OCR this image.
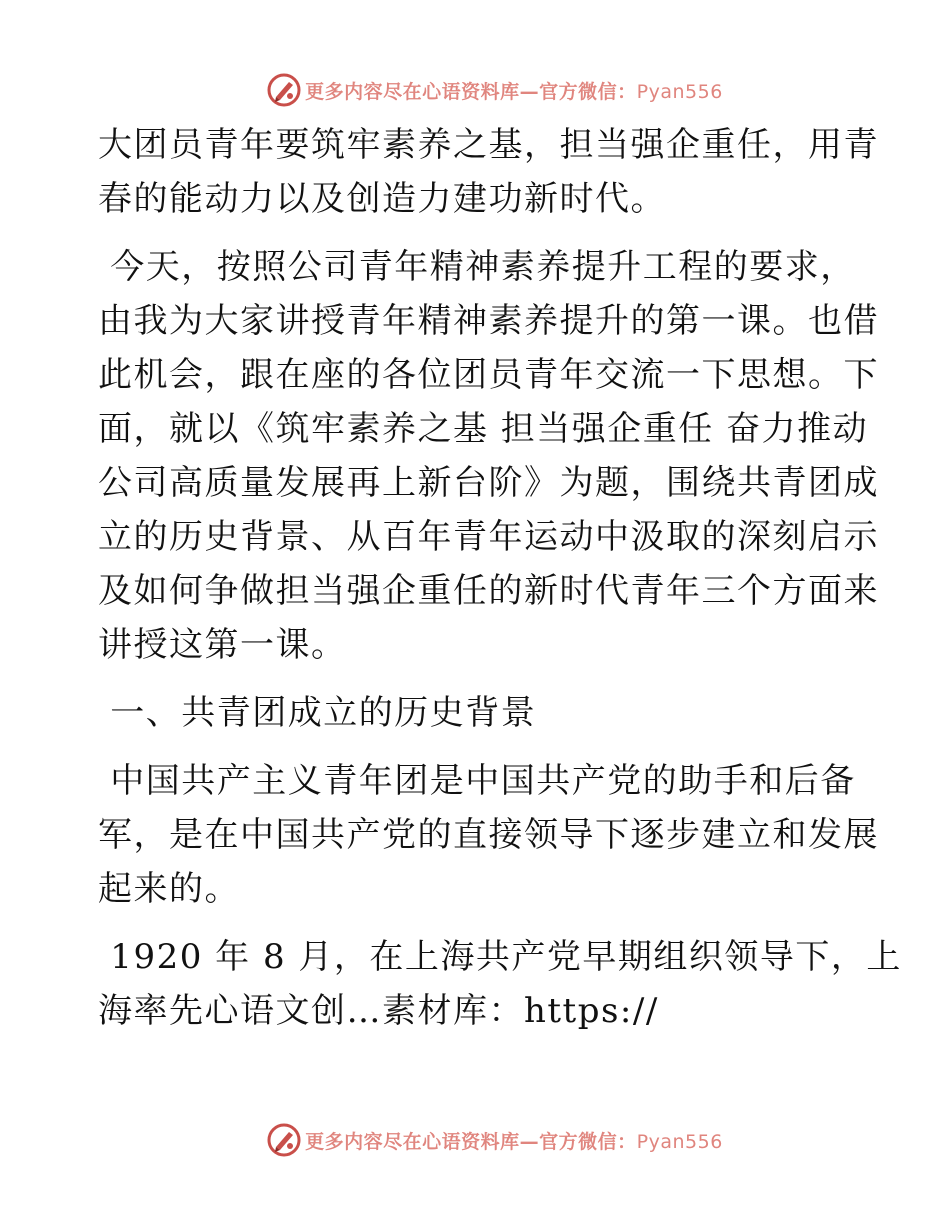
更多内容尽在心语资料库—官方微信：Pyan556

大团员青年要筑牢素养之基，担当强企重任，用青
春的能动力以及创造力建功新时代。

今天，按照公司青年精神素养提升工程的要求，
由我为大家讲授青年精神素养提升的第一课。也借
此机会，跟在座的各位团员青年交流一下思想。下
面，就以《筑牢素养之基 担当强企重任 奋力推动
公司高质量发展再上新台阶》为题，围绕共青团成
立的历史背景、从百年青年运动中汲取的深刻启示
及如何争做担当强企重任的新时代青年三个方面来
讲授这第一课。

一、共青团成立的历史背景

中国共产主义青年团是中国共产党的助手和后备
军，是在中国共产党的直接领导下逐步建立和发展
起来的。

1920 年 8 月，在上海共产党早期组织领导下，上
海率先心语文创…素材库：https://

更多内容尽在心语资料库—官方微信：Pyan556
